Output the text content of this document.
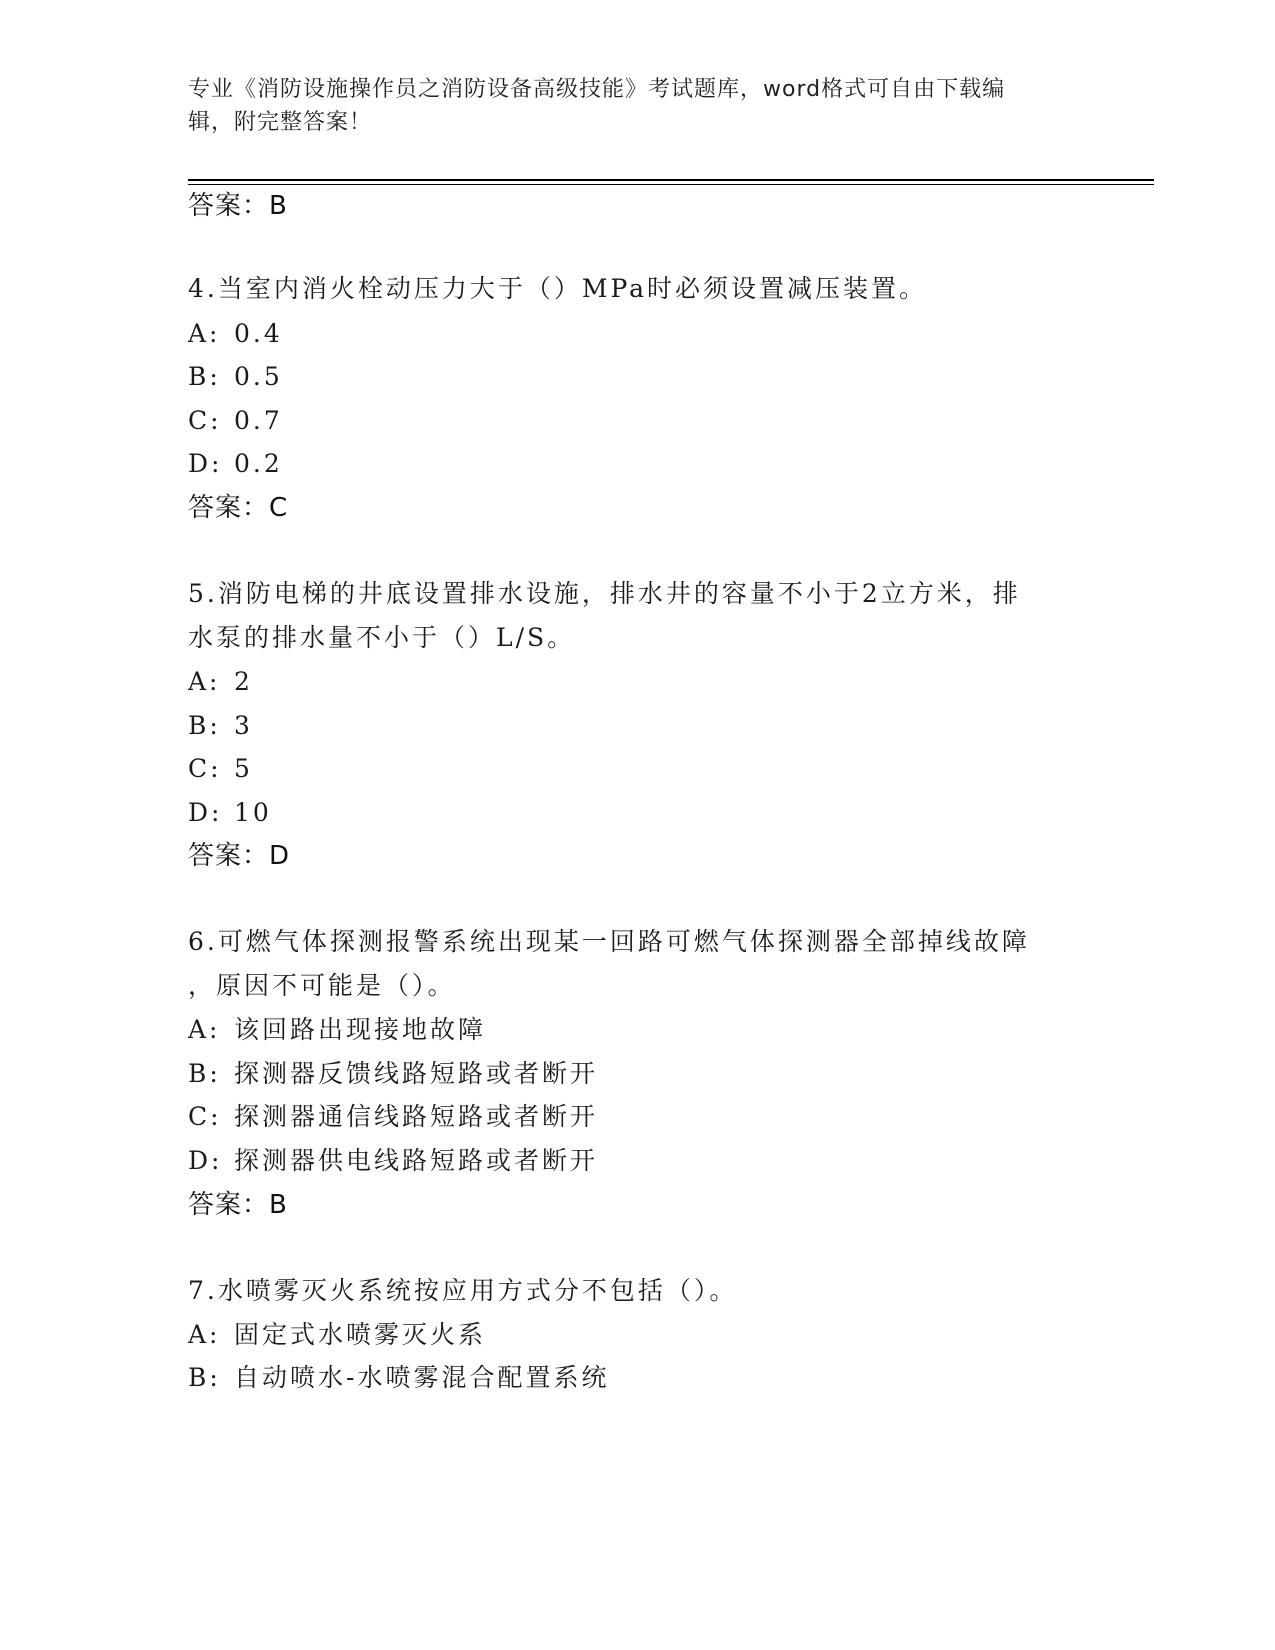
专业《消防设施操作员之消防设备高级技能》考试题库，word格式可自由下载编
辑，附完整答案！
答案：B
4.当室内消火栓动压力大于（）MPa时必须设置减压装置。
A: 0.4
B: 0.5
C: 0.7
D: 0.2
答案：C
5.消防电梯的井底设置排水设施，排水井的容量不小于2立方米，排
水泵的排水量不小于（）L/S。
A: 2
B: 3
C: 5
D: 10
答案：D
6.可燃气体探测报警系统出现某一回路可燃气体探测器全部掉线故障
，原因不可能是（）。
A: 该回路出现接地故障
B: 探测器反馈线路短路或者断开
C: 探测器通信线路短路或者断开
D: 探测器供电线路短路或者断开
答案：B
7.水喷雾灭火系统按应用方式分不包括（）。
A: 固定式水喷雾灭火系
B: 自动喷水-水喷雾混合配置系统
